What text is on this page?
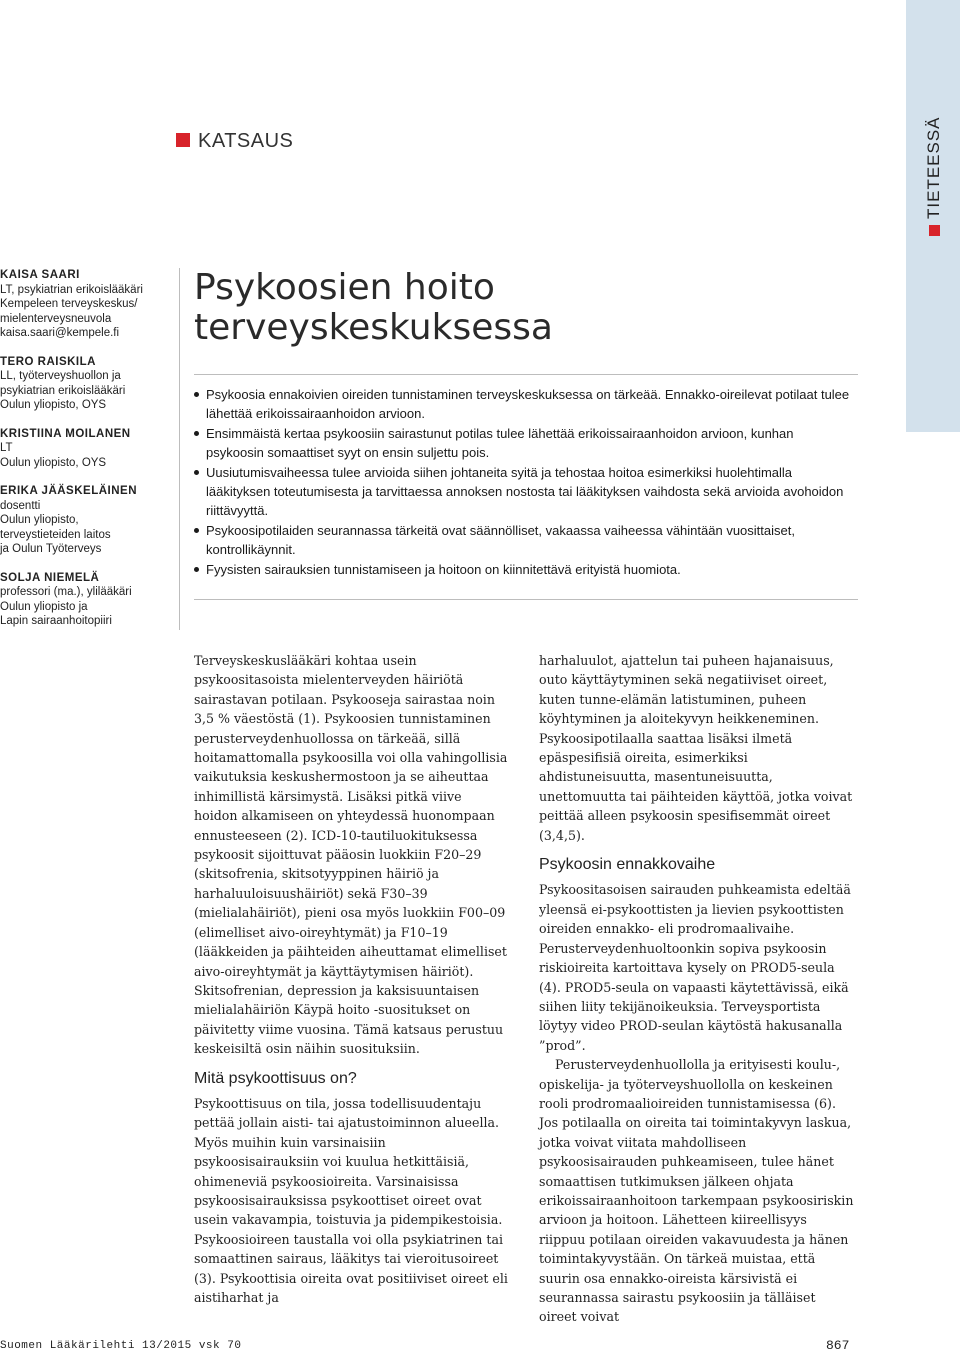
TIETEESSÄ
KATSAUS
KAISA SAARI
LT, psykiatrian erikoislääkäri
Kempeleen terveyskeskus/
mielenterveysneuvola
kaisa.saari@kempele.fi
TERO RAISKILA
LL, työterveyshuollon ja
psykiatrian erikoislääkäri
Oulun yliopisto, OYS
KRISTIINA MOILANEN
LT
Oulun yliopisto, OYS
ERIKA JÄÄSKELÄINEN
dosentti
Oulun yliopisto,
terveystieteiden laitos
ja Oulun Työterveys
SOLJA NIEMELÄ
professori (ma.), ylilääkäri
Oulun yliopisto ja
Lapin sairaanhoitopiiri
Psykoosien hoito
terveyskeskuksessa
Psykoosia ennakoivien oireiden tunnistaminen terveyskeskuksessa on tärkeää. Ennakko-oireilevat potilaat tulee lähettää erikoissairaanhoidon arvioon.
Ensimmäistä kertaa psykoosiin sairastunut potilas tulee lähettää erikoissairaanhoidon arvioon, kunhan psykoosin somaattiset syyt on ensin suljettu pois.
Uusiutumisvaiheessa tulee arvioida siihen johtaneita syitä ja tehostaa hoitoa esimerkiksi huolehtimalla lääkityksen toteutumisesta ja tarvittaessa annoksen nostosta tai lääkityksen vaihdosta sekä arvioida avohoidon riittävyyttä.
Psykoosipotilaiden seurannassa tärkeitä ovat säännölliset, vakaassa vaiheessa vähintään vuosittaiset, kontrollikäynnit.
Fyysisten sairauksien tunnistamiseen ja hoitoon on kiinnitettävä erityistä huomiota.

Terveyskeskuslääkäri kohtaa usein psykoositasoista mielenterveyden häiriötä sairastavan potilaan. Psykooseja sairastaa noin 3,5 % väestöstä (1). Psykoosien tunnistaminen perusterveydenhuollossa on tärkeää, sillä hoitamattomalla psykoosilla voi olla vahingollisia vaikutuksia keskushermostoon ja se aiheuttaa inhimillistä kärsimystä. Lisäksi pitkä viive hoidon alkamiseen on yhteydessä huonompaan ennusteeseen (2). ICD-10-tautiluokituksessa psykoosit sijoittuvat pääosin luokkiin F20–29 (skitsofrenia, skitsotyyppinen häiriö ja harhaluuloisuushäiriöt) sekä F30–39 (mielialahäiriöt), pieni osa myös luokkiin F00–09 (elimelliset aivo-oireyhtymät) ja F10–19 (lääkkeiden ja päihteiden aiheuttamat elimelliset aivo-oireyhtymät ja käyttäytymisen häiriöt). Skitsofrenian, depression ja kaksisuuntaisen mielialahäiriön Käypä hoito -suositukset on päivitetty viime vuosina. Tämä katsaus perustuu keskeisiltä osin näihin suosituksiin.

Mitä psykoottisuus on?

Psykoottisuus on tila, jossa todellisuudentaju pettää jollain aisti- tai ajatustoiminnon alueella. Myös muihin kuin varsinaisiin psykoosisairauksiin voi kuulua hetkittäisiä, ohimeneviä psykoosioireita. Varsinaisissa psykoosisairauksissa psykoottiset oireet ovat usein vakavampia, toistuvia ja pidempikestoisia. Psykoosioireen taustalla voi olla psykiatrinen tai somaattinen sairaus, lääkitys tai vieroitusoireet (3). Psykoottisia oireita ovat positiiviset oireet eli aistiharhat ja

harhaluulot, ajattelun tai puheen hajanaisuus, outo käyttäytyminen sekä negatiiviset oireet, kuten tunne-elämän latistuminen, puheen köyhtyminen ja aloitekyvyn heikkeneminen. Psykoosipotilaalla saattaa lisäksi ilmetä epäspesifisiä oireita, esimerkiksi ahdistuneisuutta, masentuneisuutta, unettomuutta tai päihteiden käyttöä, jotka voivat peittää alleen psykoosin spesifisemmät oireet (3,4,5).

Psykoosin ennakkovaihe

Psykoositasoisen sairauden puhkeamista edeltää yleensä ei-psykoottisten ja lievien psykoottisten oireiden ennakko- eli prodromaalivaihe. Perusterveydenhuoltoonkin sopiva psykoosin riskioireita kartoittava kysely on PROD5-seula (4). PROD5-seula on vapaasti käytettävissä, eikä siihen liity tekijänoikeuksia. Terveysportista löytyy video PROD-seulan käytöstä hakusanalla ”prod”.

Perusterveydenhuollolla ja erityisesti koulu-, opiskelija- ja työterveyshuollolla on keskeinen rooli prodromaalioireiden tunnistamisessa (6). Jos potilaalla on oireita tai toimintakyvyn laskua, jotka voivat viitata mahdolliseen psykoosisairauden puhkeamiseen, tulee hänet somaattisen tutkimuksen jälkeen ohjata erikoissairaanhoitoon tarkempaan psykoosiriskin arvioon ja hoitoon. Lähetteen kiireellisyys riippuu potilaan oireiden vakavuudesta ja hänen toimintakyvystään. On tärkeä muistaa, että suurin osa ennakko-oireista kärsivistä ei seurannassa sairastu psykoosiin ja tälläiset oireet voivat

Suomen Lääkärilehti 13/2015 vsk 70	867
